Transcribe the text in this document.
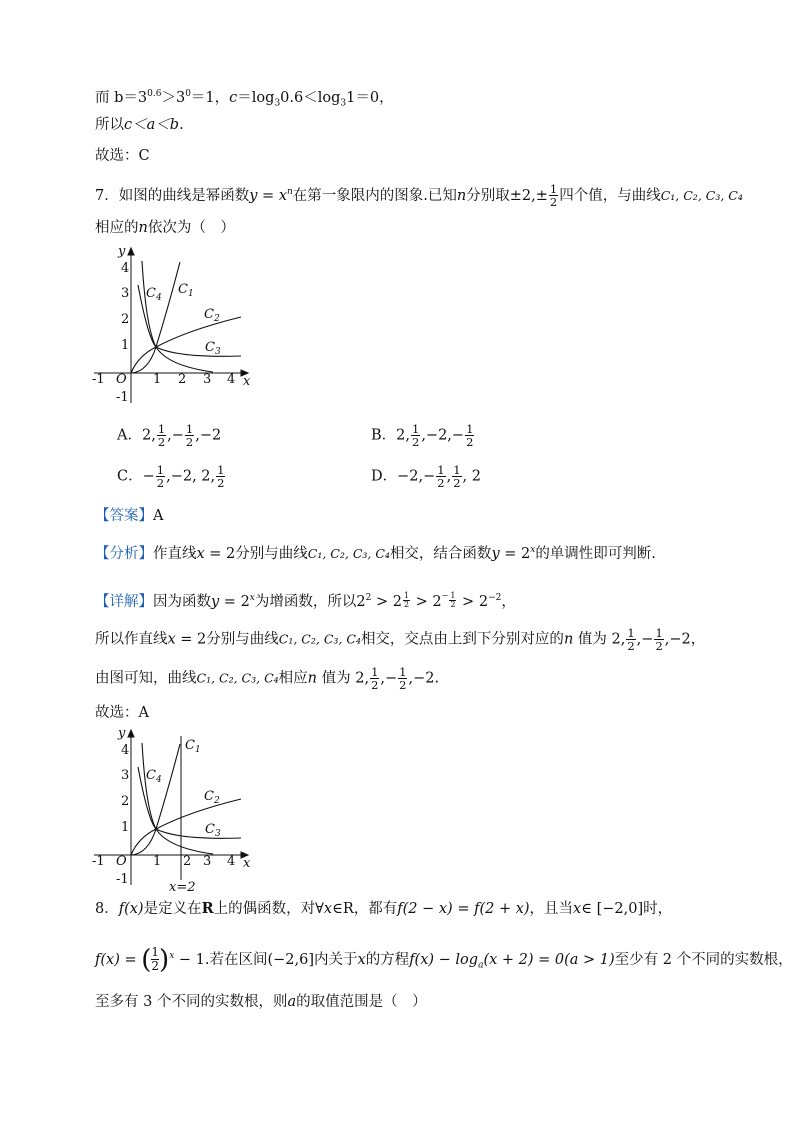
而 $b=3^{0.6}>3^0=1$，$c=\log_30.6<\log_31=0$，
所以c＜a＜b.
故选：C
7．如图的曲线是幂函数$y = x^n$在第一象限内的图象.已知n分别取$\pm 2,\pm \frac{1}{2}$ 四个值，与曲线C₁, C₂, C₃, C₄
相应的n依次为（　）
-1	1 2 3 4
4
3
2
1
-1
O	x
y
$C_4$
$C_1$
$C_2$
$C_3$
A．2, $\frac{1}{2}$ ,− $\frac{1}{2} ,-2$	B．2, $\frac{1}{2} ,-2,- \frac{1}{2}$
C．− $\frac{1}{2} ,-2$, 2, $\frac{1}{2}$	D．$-2,- \frac{1}{2}$ , $\frac{1}{2}$ , 2
【答案】A
【分析】作直线x = 2分别与曲线C₁, C₂, C₃, C₄相交，结合函数$y = 2^x$的单调性即可判断.
【详解】因为函数$y = 2^x$为增函数，所以$2^2 > 2 \frac{1}{2} > 2^- \frac{1}{2} > 2^{-2}$，
所以作直线x = 2分别与曲线C₁, C₂, C₃, C₄相交，交点由上到下分别对应的n 值为 2, $\frac{1}{2}$ ,− $\frac{1}{2} ,-2$，
由图可知，曲线C₁, C₂, C₃, C₄相应n 值为 2, $\frac{1}{2}$ ,− $\frac{1}{2} ,-2$.
故选：A
-1	1 2 3 4
4
3
2
1
-1
O	x
y
x=2
$C_4$
$C_1$
$C_2$
$C_3$
8．f(x)是定义在R上的偶函数，对∀x∈R，都有f(2 − x) = f(2 + x)，且当x∈ [−2,0]时，
f(x) = ( $\frac{1}{2} )^x - 1$.若在区间(−2,6]内关于x的方程$f(x) - \log_a(x + 2) = 0(a > 1)$至少有 2 个不同的实数根，
至多有 3 个不同的实数根，则a的取值范围是（　）
